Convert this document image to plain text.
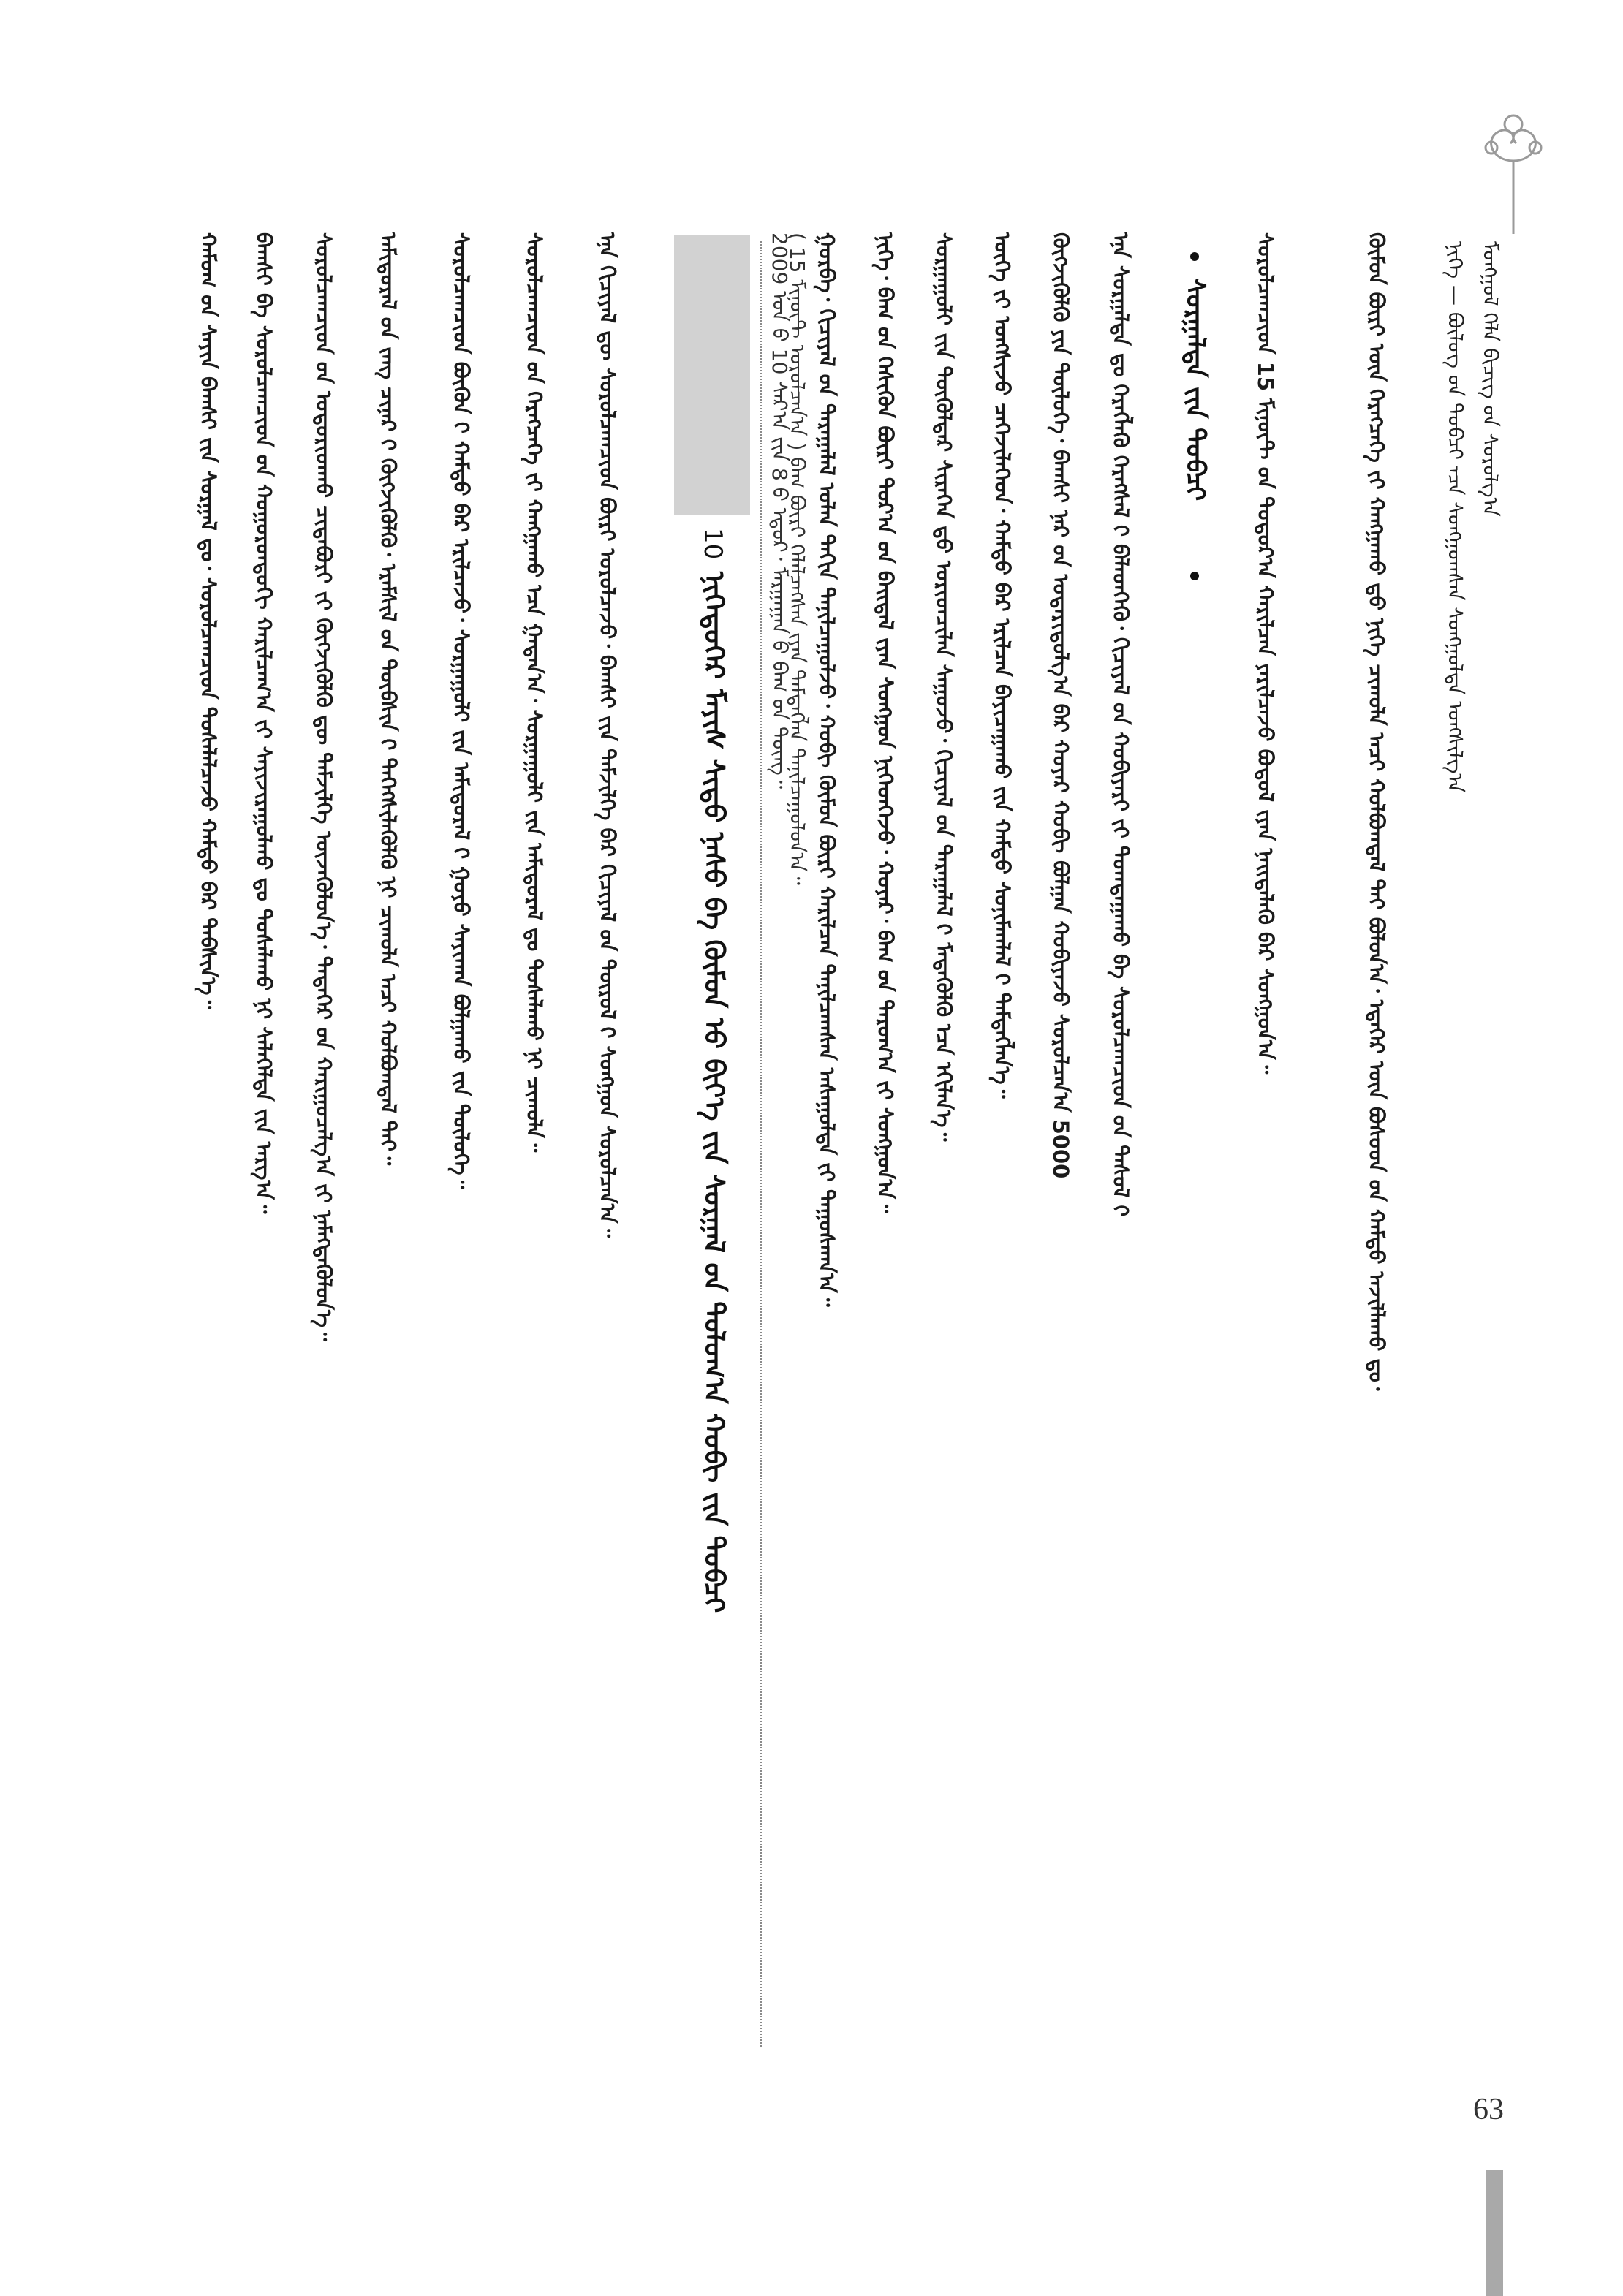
ᠮᠣᠩᠭᠣᠯ ᠬᠡᠯᠡ ᠪᠢᠴᠢᠭ ᠤ᠋ᠨ ᠰᠤᠷᠤᠯᠭ᠎ᠠ
ᠨᠢᠭᠡ — ᠪᠦᠯᠦᠭ ᠤ᠋ᠨ ᠲᠣᠪᠴᠢ ᠊ᠠᠴᠠ ᠰᠣᠩᠭᠣᠭᠰᠠᠨ ᠰᠣᠩᠭᠣᠯᠲᠠ ᠣᠩᠰᠢᠯᠭ᠎ᠠ
ᠬᠦᠮᠦᠨ ᠪᠦᠷᠢ ᠦ᠌ᠨ ᠬᠡᠷᠡᠭᠴᠡᠭᠡ ᠶ᠋ᠢ ᠬᠠᠩᠭᠠᠬᠤ ᠳ᠋ᠤ ᠨᠢᠭᠡ ᠴᠢᠬᠤᠯᠠ ᠠᠴᠢ ᠬᠣᠯᠪᠣᠭᠳᠠᠯ ᠲᠠᠢ ᠪᠣᠯᠤᠨ᠎ᠠ᠂ ᠡᠳᠡᠭᠡᠷ ᠦᠨ ᠪᠤᠰᠤᠳ ᠤ᠋ᠨ ᠬᠠᠮᠲᠤ ᠠᠵᠢᠯᠯᠠᠬᠤ ᠳᠤ᠂
ᠰᠤᠷᠤᠯᠴᠠᠭᠴᠢᠳ 15 ᠮᠢᠨᠦ᠋ᠲ ᠦ᠋ᠨ ᠳᠣᠲᠣᠷ᠎ᠠ ᠬᠠᠷᠢᠯᠴᠠᠨ ᠶᠠᠷᠢᠯᠴᠠᠵᠤ ᠪᠣᠳᠣᠯ ᠢ᠋ᠶᠠᠨ ᠨᠡᠢᠲᠡᠯᠡᠬᠦ ᠪᠡᠷ ᠰᠣᠩᠭᠣᠨ᠎ᠠ᠃
ᠰᠤᠷᠭᠠᠯᠲᠠ ᠶ᠋ᠢᠨ ᠲᠣᠪᠴᠢ
ᠡᠨᠡ ᠰᠤᠷᠭᠠᠯᠲᠠ ᠳᠤ ᠬᠡᠷᠡᠭᠯᠡᠬᠦ ᠬᠡᠷᠡᠭᠰᠡᠯ ᠢ᠋ ᠪᠡᠯᠡᠳᠬᠡᠬᠦ᠂ ᠬᠢᠴᠢᠶᠡᠯ ᠦ᠋ᠨ ᠬᠤᠪᠢᠶᠠᠷᠢ ᠶ᠋ᠢ ᠲᠣᠭᠲᠠᠭᠠᠬᠤ ᠪᠠ ᠰᠤᠷᠤᠯᠴᠠᠭᠴᠢᠳ ᠤ᠋ᠨ ᠳᠠᠰᠤᠯ ᠢ᠋
ᠬᠦᠭᠵᠢᠭᠦᠯᠬᠦ ᠶᠢᠨ ᠲᠦᠯᠦᠭᠡ᠂ ᠪᠠᠭᠰᠢ ᠨᠠᠷ ᠤ᠋ᠨ ᠤᠳᠠᠷᠢᠳᠤᠯᠭ᠎ᠠ ᠪᠡᠷ ᠬᠣᠶᠠᠷ ᠬᠤᠪᠢ ᠪᠣᠯᠭᠠᠨ ᠬᠤᠪᠢᠶᠠᠵᠤ ᠰᠤᠷᠤᠯᠴᠠᠨ᠎ᠠ 5000
ᠦᠭᠡ ᠶ᠋ᠢ ᠤᠩᠰᠢᠵᠤ ᠴᠡᠭᠡᠵᠢᠯᠡᠭᠡᠳ᠂ ᠬᠠᠮᠲᠤ ᠪᠡᠷ ᠡᠷᠢᠯᠴᠡᠨ ᠪᠠᠶᠢᠴᠠᠭᠠᠬᠤ ᠶ᠋ᠢᠨ ᠬᠠᠮᠲᠤ ᠰᠣᠨᠢᠮᠠᠭᠯᠠᠯ ᠢ᠋ ᠲᠡᠮᠳᠡᠭᠯᠡᠨ᠎ᠡ᠃
ᠰᠤᠷᠭᠠᠭᠤᠯᠢ ᠶ᠋ᠢᠨ ᠲᠦᠭᠦᠯᠳᠡᠷ ᠰᠢᠷᠡᠭᠡᠨ ᠳ᠋ᠤ ᠤᠷᠢᠳᠴᠢᠯᠠᠨ ᠰᠠᠭᠤᠵᠤ᠂ ᠬᠢᠴᠢᠶᠡᠯ ᠦ᠋ᠨ ᠳᠠᠷᠠᠭᠠᠯᠠᠯ ᠢ᠋ ᠮᠡᠳᠡᠭᠦᠯᠬᠦ ᠡᠴᠡ ᠡᠬᠢᠯᠡᠨ᠎ᠡ᠃
ᠨᠢᠭᠡ᠂ ᠪᠠᠭ ᠤ᠋ᠨ ᠭᠡᠰᠢᠭᠦᠨ ᠪᠦᠷᠢ ᠳᠤᠷ᠎ᠠ ᠦ᠋ᠨ ᠪᠠᠢᠳᠠᠯ ᠢ᠋ᠶᠠᠨ ᠰᠣᠩᠭᠣᠨ ᠨᠢᠭᠡᠳᠬᠡᠵᠦ᠂ ᠬᠣᠶᠠᠷ᠂ ᠪᠠᠭ ᠤ᠋ᠨ ᠳᠠᠷᠤᠭ᠎ᠠ ᠶ᠋ᠢ ᠰᠣᠩᠭᠣᠨ᠎ᠠ᠃
ᠭᠤᠷᠪᠠ᠂ ᠬᠢᠴᠢᠶᠡᠯ ᠦ᠋ᠨ ᠳᠠᠷᠠᠭᠠᠯᠠᠯ ᠣᠯᠠᠨ ᠳᠠᠬᠢᠨ ᠲᠠᠨᠢᠯᠴᠠᠭᠤᠯᠵᠤ᠂ ᠬᠤᠪᠢ ᠬᠦᠮᠦᠨ ᠪᠦᠷᠢ ᠬᠠᠷᠢᠯᠴᠠᠨ ᠲᠠᠨᠢᠯᠴᠠᠭᠰᠠᠨ ᠠᠰᠠᠭᠤᠯᠲᠠ ᠶ᠋ᠢ ᠳᠠᠭᠤᠰᠬᠠᠨ᠎ᠠ᠃
( 15 ᠮᠢᠨᠦ᠋ᠲ ᠣᠷᠣᠯᠴᠠᠨ᠎ᠠ ) ᠪᠠᠭ ᠪᠦᠷᠢ ᠬᠡᠯᠡᠯᠴᠡᠭᠰᠡᠨ ᠢ᠋ᠶᠡᠨ ᠲᠡᠮᠳᠡᠭᠯᠡᠨ ᠲᠠᠨᠢᠯᠴᠠᠭᠤᠯᠤᠨ᠎ᠠ᠃
2009 ᠣᠨ ᠤ᠋ 10 ᠰᠠᠷ᠎ᠠ ᠶ᠋ᠢᠨ 8 ᠤ᠋ ᠡᠳᠦᠷ᠂ ᠮᠠᠷᠭᠠᠭᠠᠨ ᠤ᠋ ᠪᠠᠭ ᠤ᠋ᠨ ᠳᠦᠩ᠃
10
ᠨᠢᠭᠡᠳᠦᠭᠡᠷ ᠮᠠᠶᠢᠰ ᠰᠢᠳᠤ ᠨᠠᠰᠤ ᠪᠠ ᠬᠦᠮᠦᠨ ᠦ᠋ ᠪᠢᠶ᠎ᠡ ᠶ᠋ᠢᠨ ᠰᠤᠷᠭᠠᠯ ᠤ᠋ᠨ ᠳᠣᠯᠤᠭ᠎ᠠ ᠬᠤᠪᠢ ᠶ᠋ᠢᠨ ᠲᠣᠪᠴᠢ
ᠡᠨᠡ ᠬᠢᠴᠢᠶᠡᠯ ᠳᠦ ᠰᠤᠷᠤᠯᠴᠠᠭᠴᠢᠳ ᠪᠦᠷᠢ ᠣᠷᠣᠯᠴᠠᠵᠤ᠂ ᠪᠠᠭᠰᠢ ᠶ᠋ᠢᠨ ᠳᠡᠮᠵᠢᠯᠭᠡ ᠪᠡᠷ ᠬᠢᠴᠢᠶᠡᠯ ᠦ᠋ᠨ ᠲᠥᠷᠦᠯ ᠢ᠋ ᠰᠣᠩᠭᠣᠨ ᠰᠤᠷᠤᠯᠴᠠᠨ᠎ᠠ᠃
ᠰᠤᠷᠤᠯᠴᠠᠭᠴᠢᠳ ᠤ᠋ᠨ ᠬᠡᠷᠡᠭᠴᠡᠭᠡ ᠶ᠋ᠢ ᠬᠠᠩᠭᠠᠬᠤ ᠡᠴᠡ ᠭᠠᠳᠠᠨ᠎ᠠ᠂ ᠰᠤᠷᠭᠠᠭᠤᠯᠢ ᠶ᠋ᠢᠨ ᠠᠮᠢᠳᠤᠷᠠᠯ ᠳᠤ ᠲᠤᠰᠠᠯᠠᠬᠤ ᠨᠢ ᠴᠢᠬᠤᠯᠠ᠃
ᠰᠤᠷᠤᠯᠴᠠᠭᠴᠢᠳ ᠪᠦᠬᠦᠨ ᠢ᠋ ᠬᠠᠮᠲᠤ ᠪᠡᠷ ᠡᠷᠢᠯᠴᠡᠵᠦ᠂ ᠰᠤᠷᠭᠠᠭᠤᠯᠢ ᠶ᠋ᠢᠨ ᠠᠮᠢᠳᠤᠷᠠᠯ ᠢ᠋ ᠭᠣᠶᠣ ᠰᠠᠶᠢᠬᠠᠨ ᠪᠣᠯᠭᠠᠬᠤ ᠶ᠋ᠢᠨ ᠲᠥᠯᠦᠭᠡ᠃
ᠠᠮᠢᠳᠤᠷᠠᠯ ᠤ᠋ᠨ ᠵᠠᠩ ᠴᠢᠨᠠᠷ ᠢ᠋ ᠬᠥᠭᠵᠢᠭᠦᠯᠬᠦ᠂ ᠡᠷᠡᠮᠰᠢᠯ ᠤ᠋ᠨ ᠲᠦᠪᠰᠢᠨ ᠢ᠋ ᠳᠡᠭᠡᠭᠰᠢᠯᠡᠭᠦᠯᠬᠦ ᠨᠢ ᠴᠢᠬᠤᠯᠠ ᠠᠴᠢ ᠬᠣᠯᠪᠣᠭᠳᠠᠯ ᠲᠠᠢ᠃
ᠰᠤᠷᠤᠯᠴᠠᠭᠴᠢᠳ ᠤ᠋ᠨ ᠤᠳᠤᠷᠢᠳᠬᠤ ᠴᠢᠳᠠᠪᠤᠷᠢ ᠶ᠋ᠢ ᠬᠥᠭᠵᠢᠭᠦᠯᠬᠦ ᠳᠦ ᠳᠡᠮᠵᠢᠯᠭᠡ ᠦᠵᠡᠭᠦᠯᠦᠨ᠎ᠡ᠂ ᠲᠡᠳᠡᠭᠡᠷ ᠦ᠋ᠨ ᠬᠠᠷᠢᠭᠤᠴᠠᠯᠭ᠎ᠠ ᠶ᠋ᠢ ᠨᠡᠮᠡᠭᠳᠡᠭᠦᠯᠦᠨ᠎ᠡ᠃
ᠪᠠᠭᠰᠢ ᠪᠠ ᠰᠤᠷᠤᠯᠴᠠᠭᠴᠢᠳ ᠤ᠋ᠨ ᠬᠣᠭᠣᠷᠣᠨᠳᠤᠬᠢ ᠬᠠᠷᠢᠯᠴᠠᠭ᠎ᠠ ᠶ᠋ᠢ ᠰᠠᠶᠢᠵᠢᠷᠠᠭᠤᠯᠬᠤ ᠳᠤ ᠲᠤᠰᠠᠯᠠᠬᠤ ᠨᠢ ᠰᠡᠯᠡᠭᠡᠯᠲᠡ ᠶ᠋ᠢᠨ ᠠᠷᠭ᠎ᠠ᠃
ᠬᠠᠮᠤᠭ ᠤ᠋ᠨ ᠰᠠᠶᠢᠨ ᠪᠠᠭᠰᠢ ᠶ᠋ᠢᠨ ᠰᠤᠷᠭᠠᠯ ᠳᠤ᠂ ᠰᠤᠷᠤᠯᠴᠠᠭᠴᠢᠳ ᠲᠤᠰᠠᠯᠠᠯᠴᠠᠵᠤ ᠬᠠᠮᠲᠤ ᠪᠡᠷ ᠳᠡᠪᠰᠢᠨ᠎ᠡ᠃
63
